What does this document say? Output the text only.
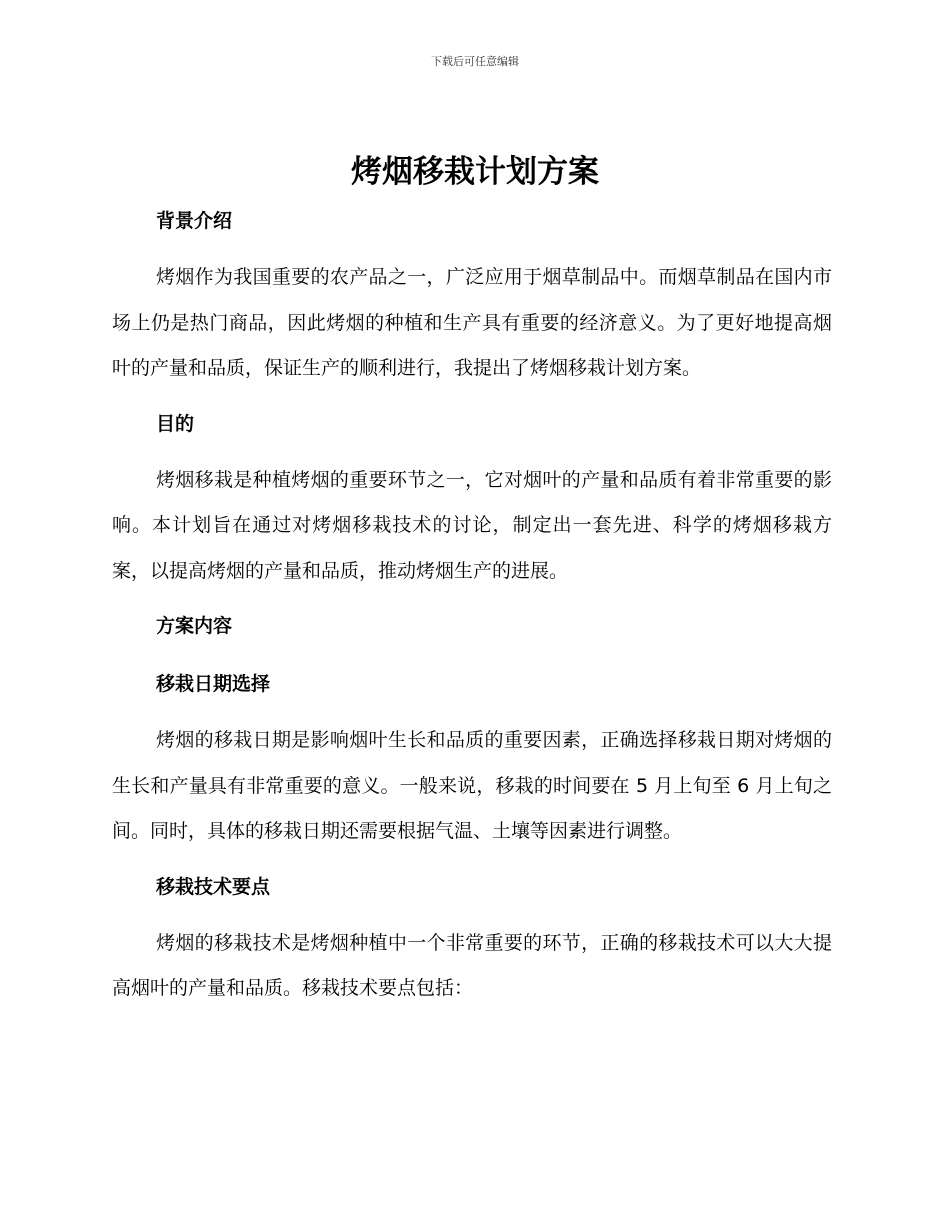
下载后可任意编辑
烤烟移栽计划方案

背景介绍

烤烟作为我国重要的农产品之一，广泛应用于烟草制品中。而烟草制品在国内市场上仍是热门商品，因此烤烟的种植和生产具有重要的经济意义。为了更好地提高烟叶的产量和品质，保证生产的顺利进行，我提出了烤烟移栽计划方案。

目的

烤烟移栽是种植烤烟的重要环节之一，它对烟叶的产量和品质有着非常重要的影响。本计划旨在通过对烤烟移栽技术的讨论，制定出一套先进、科学的烤烟移栽方案，以提高烤烟的产量和品质，推动烤烟生产的进展。

方案内容

移栽日期选择

烤烟的移栽日期是影响烟叶生长和品质的重要因素，正确选择移栽日期对烤烟的生长和产量具有非常重要的意义。一般来说，移栽的时间要在 5 月上旬至 6 月上旬之间。同时，具体的移栽日期还需要根据气温、土壤等因素进行调整。

移栽技术要点

烤烟的移栽技术是烤烟种植中一个非常重要的环节，正确的移栽技术可以大大提高烟叶的产量和品质。移栽技术要点包括：
